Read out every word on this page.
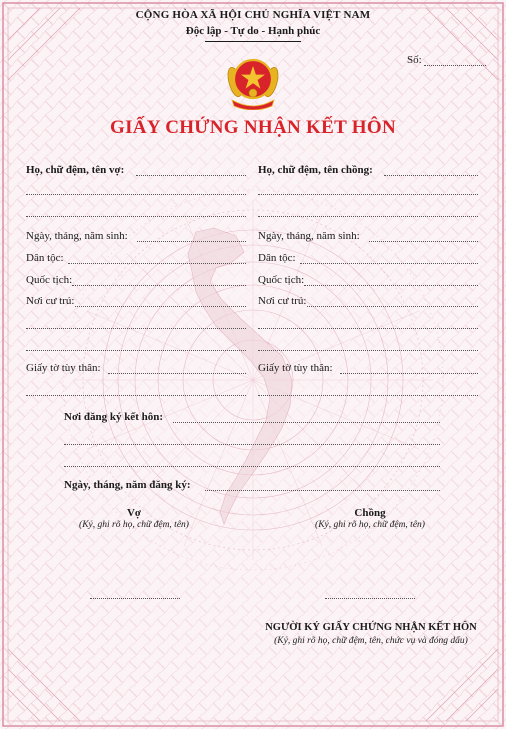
CỘNG HÒA XÃ HỘI CHỦ NGHĨA VIỆT NAM
Độc lập - Tự do - Hạnh phúc
Số:
GIẤY CHỨNG NHẬN KẾT HÔN
Họ, chữ đệm, tên vợ:
Ngày, tháng, năm sinh:
Dân tộc:
Quốc tịch:
Nơi cư trú:
Giấy tờ tùy thân:
Họ, chữ đệm, tên chồng:
Ngày, tháng, năm sinh:
Dân tộc:
Quốc tịch:
Nơi cư trú:
Giấy tờ tùy thân:
Nơi đăng ký kết hôn:
Ngày, tháng, năm đăng ký:
Vợ
(Ký, ghi rõ họ, chữ đệm, tên)
Chồng
(Ký, ghi rõ họ, chữ đệm, tên)
NGƯỜI KÝ GIẤY CHỨNG NHẬN KẾT HÔN
(Ký, ghi rõ họ, chữ đệm, tên, chức vụ và đóng dấu)
